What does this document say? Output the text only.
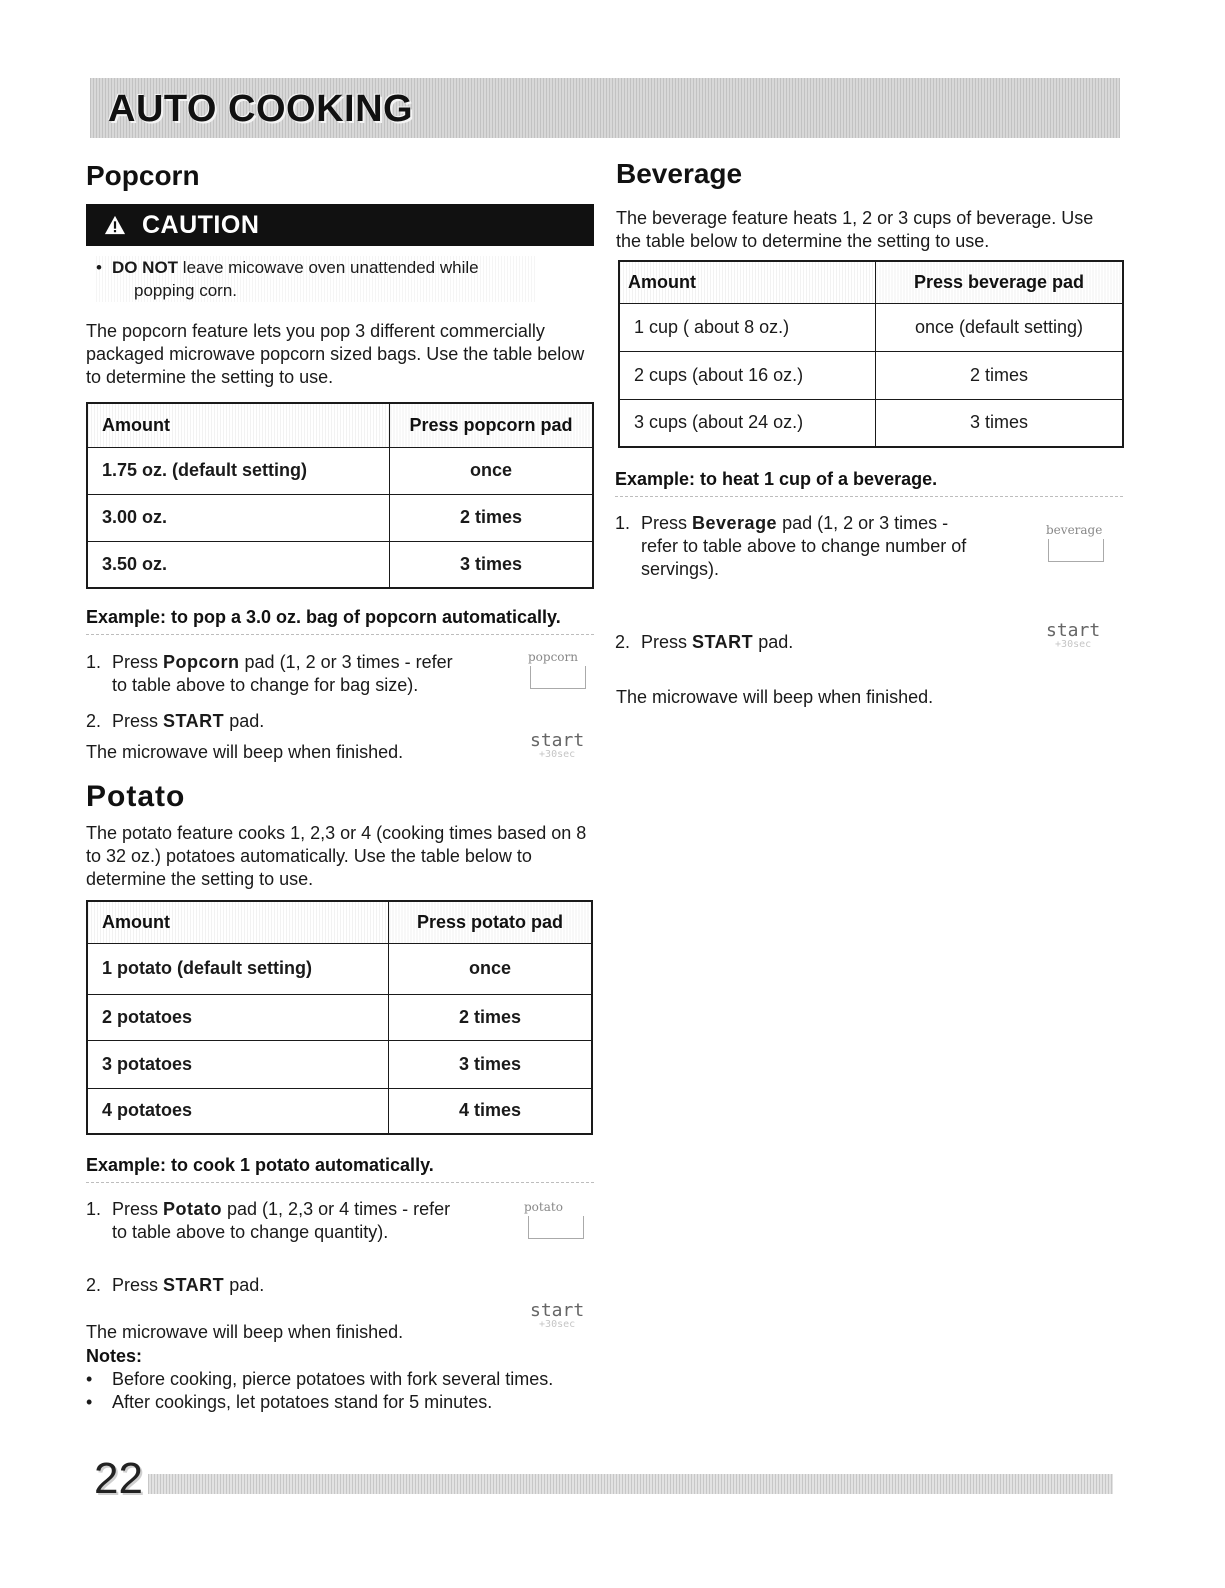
AUTO COOKING
Popcorn
CAUTION
• DO NOT leave micowave oven unattended while
popping corn.
The popcorn feature lets you pop 3 different commercially packaged microwave popcorn sized bags. Use the table below to determine the setting to use.
Amount	Press popcorn pad
1.75 oz. (default setting)	once
3.00 oz.	2 times
3.50 oz.	3 times
Example: to pop a 3.0 oz. bag of popcorn automatically.
1. Press Popcorn pad (1, 2 or 3 times - refer
to table above to change for bag size).
2. Press START pad.
The microwave will beep when finished.
popcorn
start
+30sec
Potato
The potato feature cooks 1, 2,3 or 4 (cooking times based on 8 to 32 oz.) potatoes automatically. Use the table below to determine the setting to use.
Amount	Press potato pad
1 potato (default setting)	once
2 potatoes	2 times
3 potatoes	3 times
4 potatoes	4 times
Example: to cook 1 potato automatically.
1. Press Potato pad (1, 2,3 or 4 times - refer
to table above to change quantity).
2. Press START pad.
The microwave will beep when finished.
potato
start
+30sec
Notes:
• Before cooking, pierce potatoes with fork several times.
• After cookings, let potatoes stand for 5 minutes.
Beverage
The beverage feature heats 1, 2 or 3 cups of beverage. Use the table below to determine the setting to use.
Amount	Press beverage pad
1 cup ( about 8 oz.)	once (default setting)
2 cups (about 16 oz.)	2 times
3 cups (about 24 oz.)	3 times
Example: to heat 1 cup of a beverage.
1. Press Beverage pad (1, 2 or 3 times -
refer to table above to change number of
servings).
2. Press START pad.
The microwave will beep when finished.
beverage
start
+30sec
22
